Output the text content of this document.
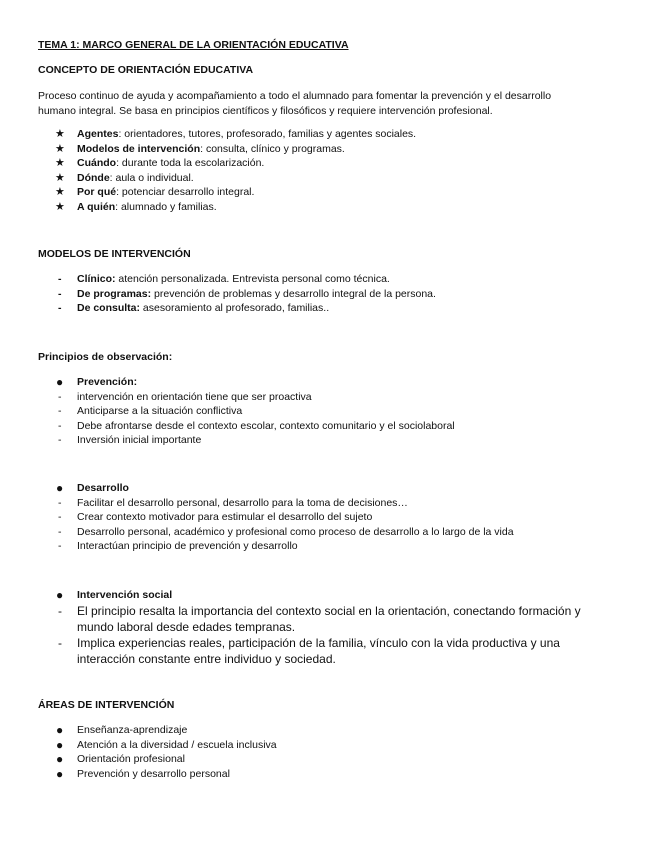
TEMA 1: MARCO GENERAL DE LA ORIENTACIÓN EDUCATIVA
CONCEPTO DE ORIENTACIÓN EDUCATIVA
Proceso continuo de ayuda y acompañamiento a todo el alumnado para fomentar la prevención y el desarrollo
humano integral. Se basa en principios científicos y filosóficos y requiere intervención profesional.
★	Agentes: orientadores, tutores, profesorado, familias y agentes sociales.
★	Modelos de intervención: consulta, clínico y programas.
★	Cuándo: durante toda la escolarización.
★	Dónde: aula o individual.
★	Por qué: potenciar desarrollo integral.
★	A quién: alumnado y familias.
MODELOS DE INTERVENCIÓN
-	Clínico: atención personalizada. Entrevista personal como técnica.
-	De programas: prevención de problemas y desarrollo integral de la persona.
-	De consulta: asesoramiento al profesorado, familias..
Principios de observación:
●	Prevención:
-	intervención en orientación tiene que ser proactiva
-	Anticiparse a la situación conflictiva
-	Debe afrontarse desde el contexto escolar, contexto comunitario y el sociolaboral
-	Inversión inicial importante
●	Desarrollo
-	Facilitar el desarrollo personal, desarrollo para la toma de decisiones…
-	Crear contexto motivador para estimular el desarrollo del sujeto
-	Desarrollo personal, académico y profesional como proceso de desarrollo a lo largo de la vida
-	Interactúan principio de prevención y desarrollo
●	Intervención social
-	El principio resalta la importancia del contexto social en la orientación, conectando formación y
mundo laboral desde edades tempranas.
-	Implica experiencias reales, participación de la familia, vínculo con la vida productiva y una
interacción constante entre individuo y sociedad.
ÁREAS DE INTERVENCIÓN
●	Enseñanza-aprendizaje
●	Atención a la diversidad / escuela inclusiva
●	Orientación profesional
●	Prevención y desarrollo personal
